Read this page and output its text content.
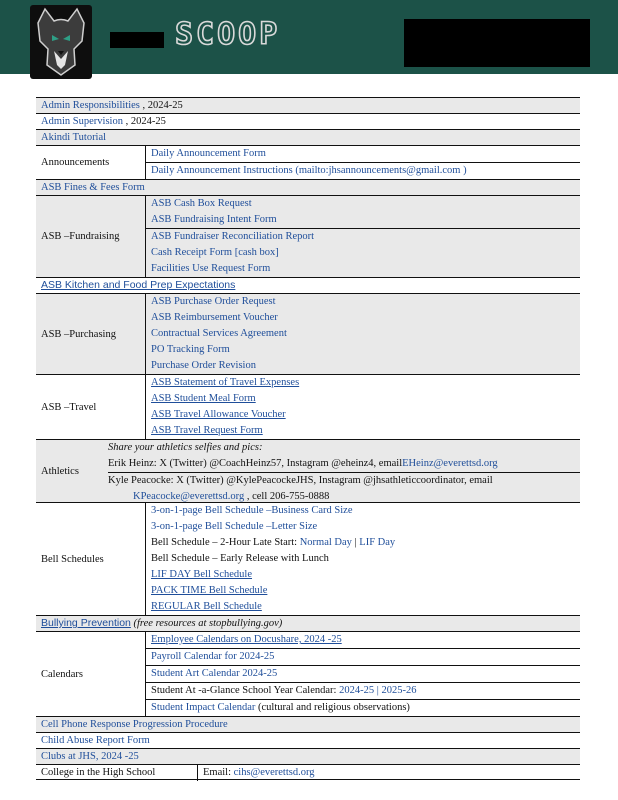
SCOOP
Admin Responsibilities , 2024-25
Admin Supervision , 2024-25
Akindi Tutorial
Announcements
Daily Announcement Form
Daily Announcement Instructions (mailto:jhsannouncements@gmail.com )
ASB Fines & Fees Form
ASB –Fundraising
ASB Cash Box Request
ASB Fundraising Intent Form
ASB Fundraiser Reconciliation Report
Cash Receipt Form [cash box]
Facilities Use Request Form
ASB Kitchen and Food Prep Expectations
ASB –Purchasing
ASB Purchase Order Request
ASB Reimbursement Voucher
Contractual Services Agreement
PO Tracking Form
Purchase Order Revision
ASB –Travel
ASB Statement of Travel Expenses
ASB Student Meal Form
ASB Travel Allowance Voucher
ASB Travel Request Form
Athletics
Share your athletics selfies and pics:
Erik Heinz: X (Twitter) @CoachHeinz57, Instagram @eheinz4, emailEHeinz@everettsd.org
Kyle Peacocke: X (Twitter) @KylePeacockeJHS, Instagram @jhsathleticcoordinator, email
KPeacocke@everettsd.org , cell 206-755-0888
Bell Schedules
3-on-1-page Bell Schedule –Business Card Size
3-on-1-page Bell Schedule –Letter Size
Bell Schedule – 2-Hour Late Start: Normal Day | LIF Day
Bell Schedule – Early Release with Lunch
LIF DAY Bell Schedule
PACK TIME Bell Schedule
REGULAR Bell Schedule
Bullying Prevention (free resources at stopbullying.gov)
Calendars
Employee Calendars on Docushare, 2024 -25
Payroll Calendar for 2024-25
Student Art Calendar 2024-25
Student At -a-Glance School Year Calendar: 2024-25 | 2025-26
Student Impact Calendar (cultural and religious observations)
Cell Phone Response Progression Procedure
Child Abuse Report Form
Clubs at JHS, 2024 -25
College in the High School	Email: cihs@everettsd.org
